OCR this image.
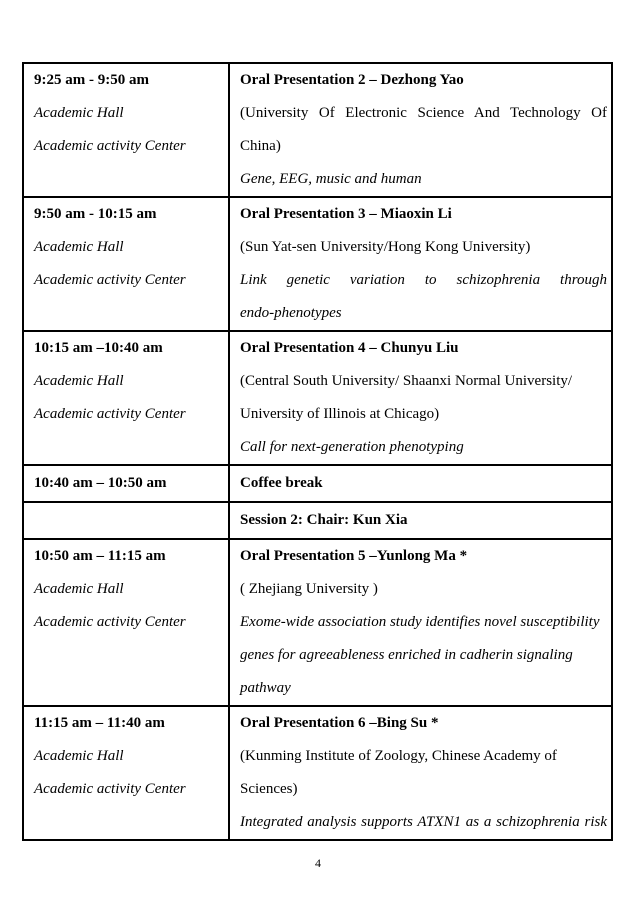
9:25 am - 9:50 am
Academic Hall
Academic activity Center
Oral Presentation 2 – Dezhong Yao
(University Of Electronic Science And Technology Of
China)
Gene, EEG, music and human
9:50 am - 10:15 am
Academic Hall
Academic activity Center
Oral Presentation 3 – Miaoxin Li
(Sun Yat-sen University/Hong Kong University)
Link genetic variation to schizophrenia through
endo-phenotypes
10:15 am –10:40 am
Academic Hall
Academic activity Center
Oral Presentation 4 – Chunyu Liu
(Central South University/ Shaanxi Normal University/
University of Illinois at Chicago)
Call for next-generation phenotyping
10:40 am – 10:50 am	Coffee break
Session 2: Chair: Kun Xia
10:50 am – 11:15 am
Academic Hall
Academic activity Center
Oral Presentation 5 –Yunlong Ma *
( Zhejiang University )
Exome-wide association study identifies novel susceptibility
genes for agreeableness enriched in cadherin signaling
pathway
11:15 am – 11:40 am
Academic Hall
Academic activity Center
Oral Presentation 6 –Bing Su *
(Kunming Institute of Zoology, Chinese Academy of
Sciences)
Integrated analysis supports ATXN1 as a schizophrenia risk
4
